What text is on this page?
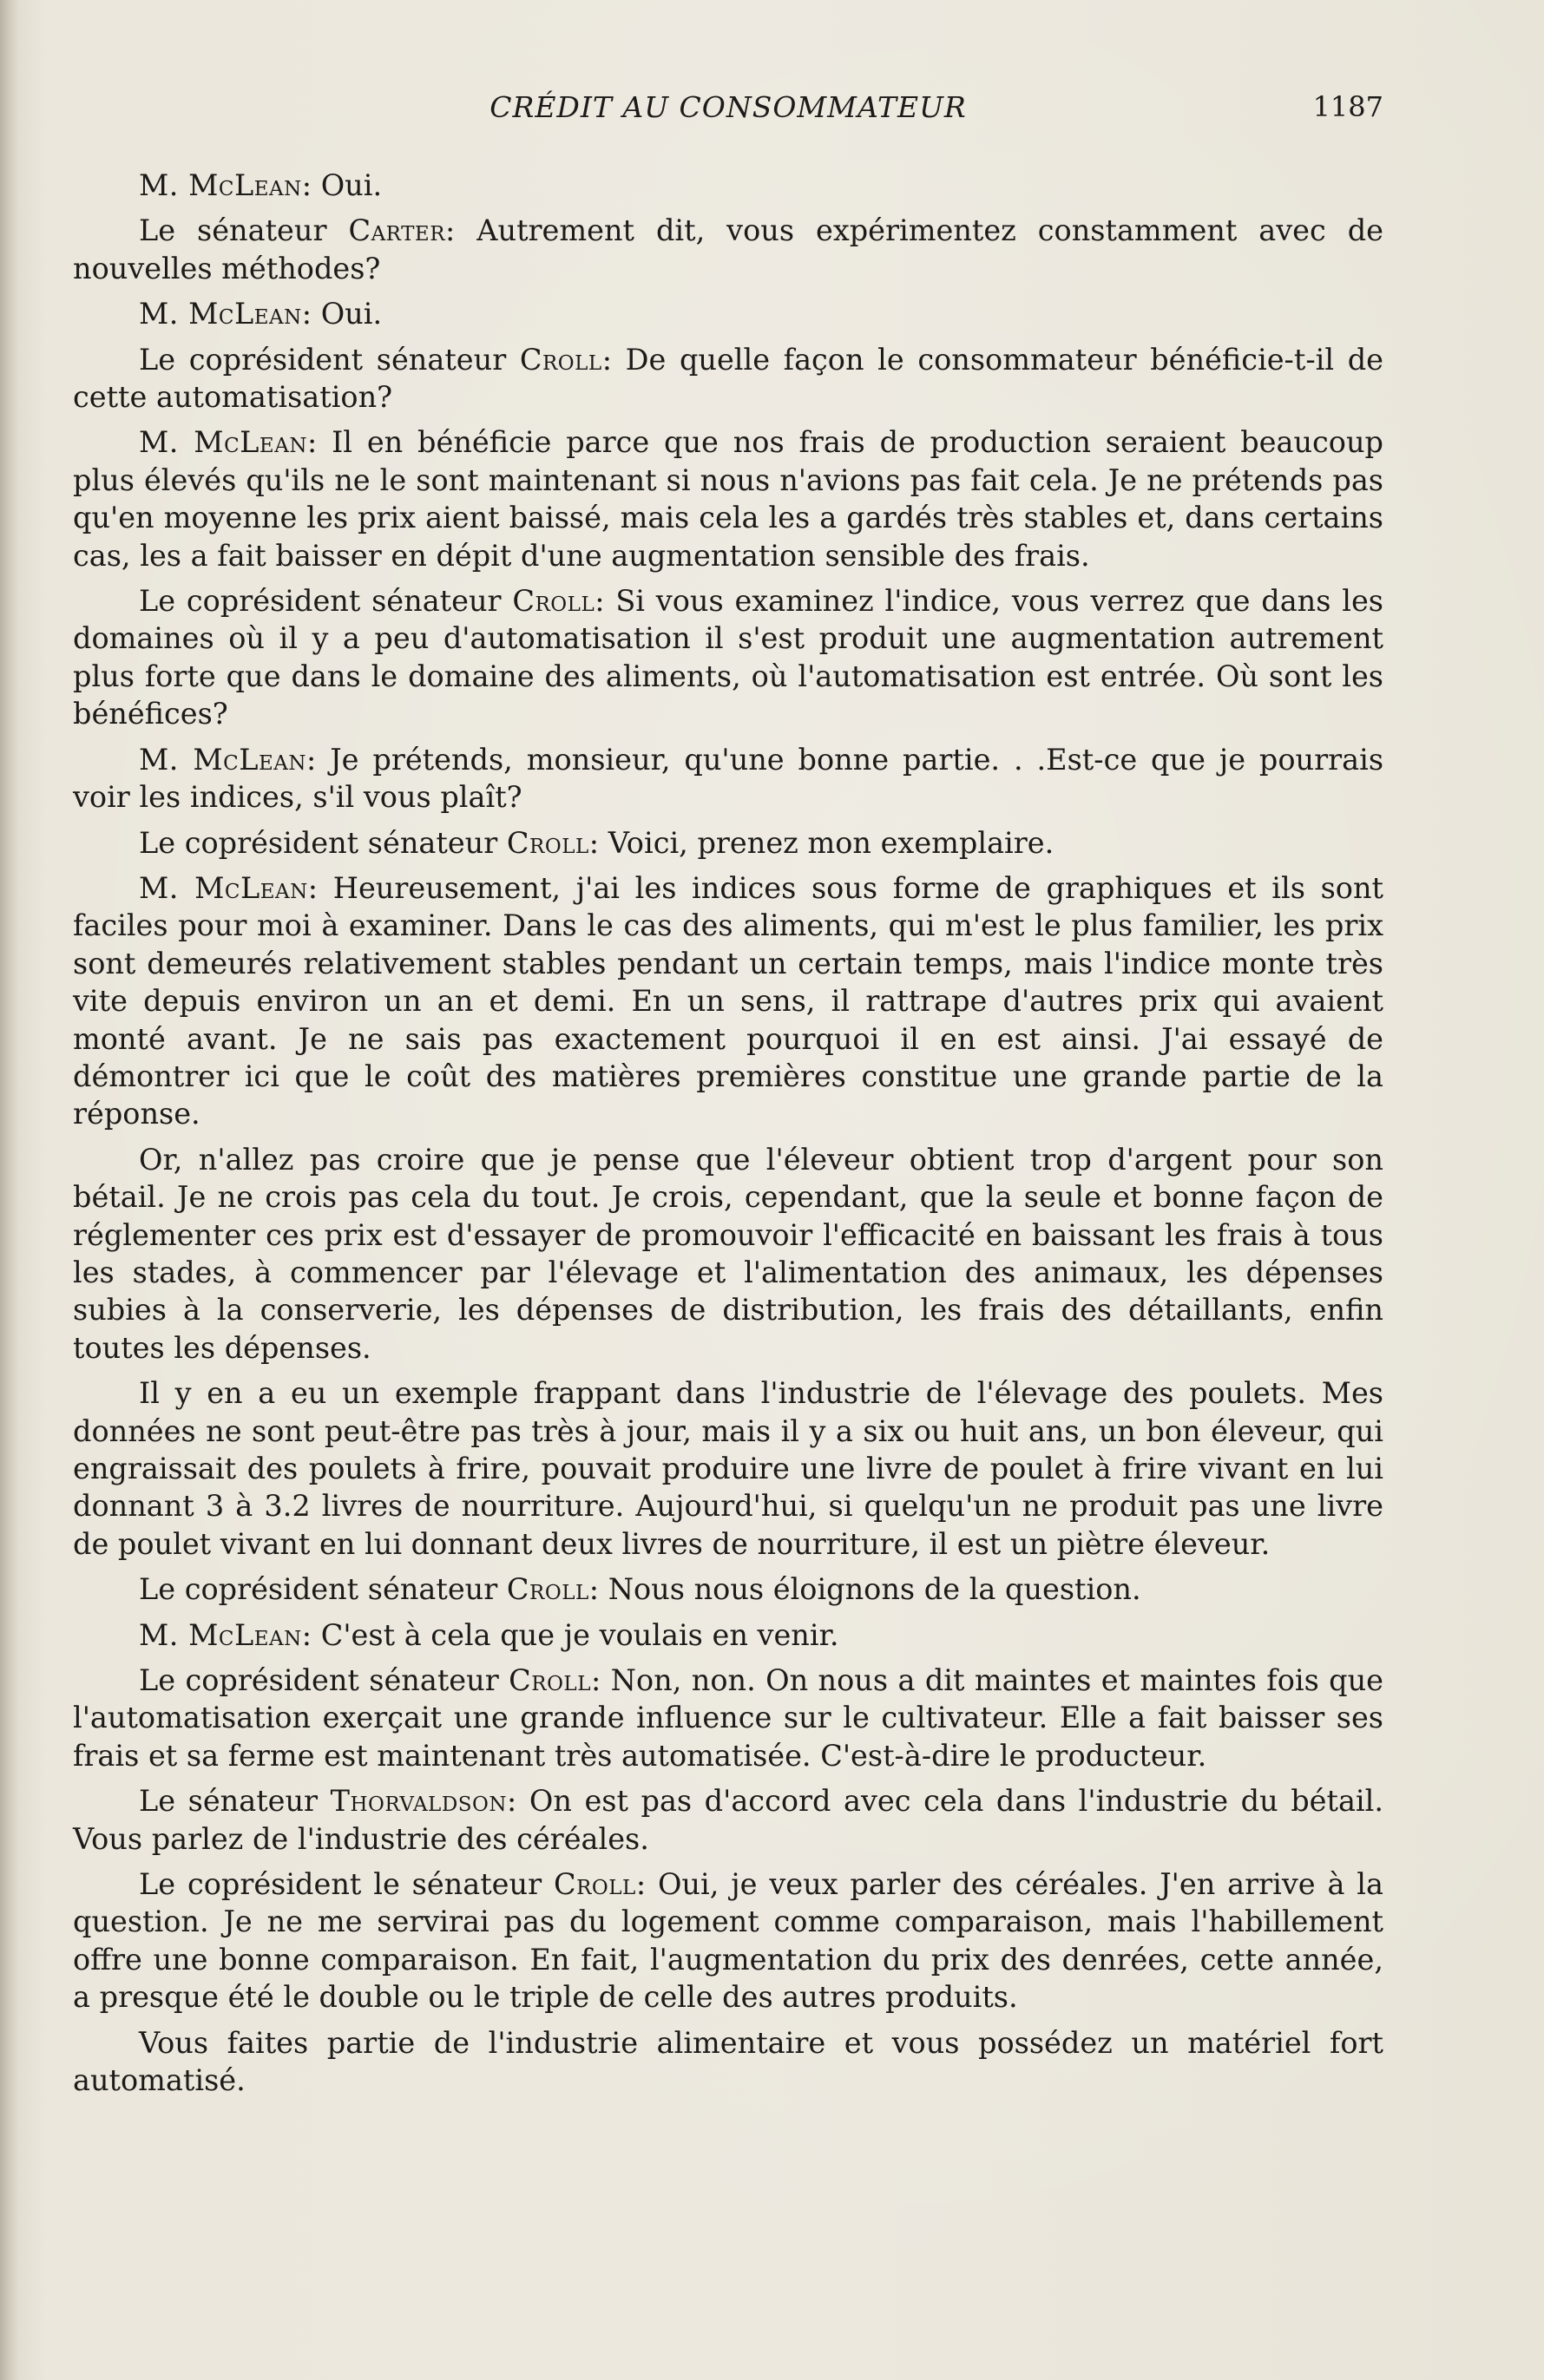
CRÉDIT AU CONSOMMATEUR	1187

M. McLean: Oui.

Le sénateur Carter: Autrement dit, vous expérimentez constamment avec de nouvelles méthodes?

M. McLean: Oui.

Le coprésident sénateur Croll: De quelle façon le consommateur bénéficie-t-il de cette automatisation?

M. McLean: Il en bénéficie parce que nos frais de production seraient beaucoup plus élevés qu'ils ne le sont maintenant si nous n'avions pas fait cela. Je ne prétends pas qu'en moyenne les prix aient baissé, mais cela les a gardés très stables et, dans certains cas, les a fait baisser en dépit d'une augmentation sensible des frais.

Le coprésident sénateur Croll: Si vous examinez l'indice, vous verrez que dans les domaines où il y a peu d'automatisation il s'est produit une augmentation autrement plus forte que dans le domaine des aliments, où l'automatisation est entrée. Où sont les bénéfices?

M. McLean: Je prétends, monsieur, qu'une bonne partie. . .Est-ce que je pourrais voir les indices, s'il vous plaît?

Le coprésident sénateur Croll: Voici, prenez mon exemplaire.

M. McLean: Heureusement, j'ai les indices sous forme de graphiques et ils sont faciles pour moi à examiner. Dans le cas des aliments, qui m'est le plus familier, les prix sont demeurés relativement stables pendant un certain temps, mais l'indice monte très vite depuis environ un an et demi. En un sens, il rattrape d'autres prix qui avaient monté avant. Je ne sais pas exactement pourquoi il en est ainsi. J'ai essayé de démontrer ici que le coût des matières premières constitue une grande partie de la réponse.

Or, n'allez pas croire que je pense que l'éleveur obtient trop d'argent pour son bétail. Je ne crois pas cela du tout. Je crois, cependant, que la seule et bonne façon de réglementer ces prix est d'essayer de promouvoir l'efficacité en baissant les frais à tous les stades, à commencer par l'élevage et l'alimentation des animaux, les dépenses subies à la conserverie, les dépenses de distribution, les frais des détaillants, enfin toutes les dépenses.

Il y en a eu un exemple frappant dans l'industrie de l'élevage des poulets. Mes données ne sont peut-être pas très à jour, mais il y a six ou huit ans, un bon éleveur, qui engraissait des poulets à frire, pouvait produire une livre de poulet à frire vivant en lui donnant 3 à 3.2 livres de nourriture. Aujourd'hui, si quelqu'un ne produit pas une livre de poulet vivant en lui donnant deux livres de nourriture, il est un piètre éleveur.

Le coprésident sénateur Croll: Nous nous éloignons de la question.

M. McLean: C'est à cela que je voulais en venir.

Le coprésident sénateur Croll: Non, non. On nous a dit maintes et maintes fois que l'automatisation exerçait une grande influence sur le cultivateur. Elle a fait baisser ses frais et sa ferme est maintenant très automatisée. C'est-à-dire le producteur.

Le sénateur Thorvaldson: On est pas d'accord avec cela dans l'industrie du bétail. Vous parlez de l'industrie des céréales.

Le coprésident le sénateur Croll: Oui, je veux parler des céréales. J'en arrive à la question. Je ne me servirai pas du logement comme comparaison, mais l'habillement offre une bonne comparaison. En fait, l'augmentation du prix des denrées, cette année, a presque été le double ou le triple de celle des autres produits.

Vous faites partie de l'industrie alimentaire et vous possédez un matériel fort automatisé.
